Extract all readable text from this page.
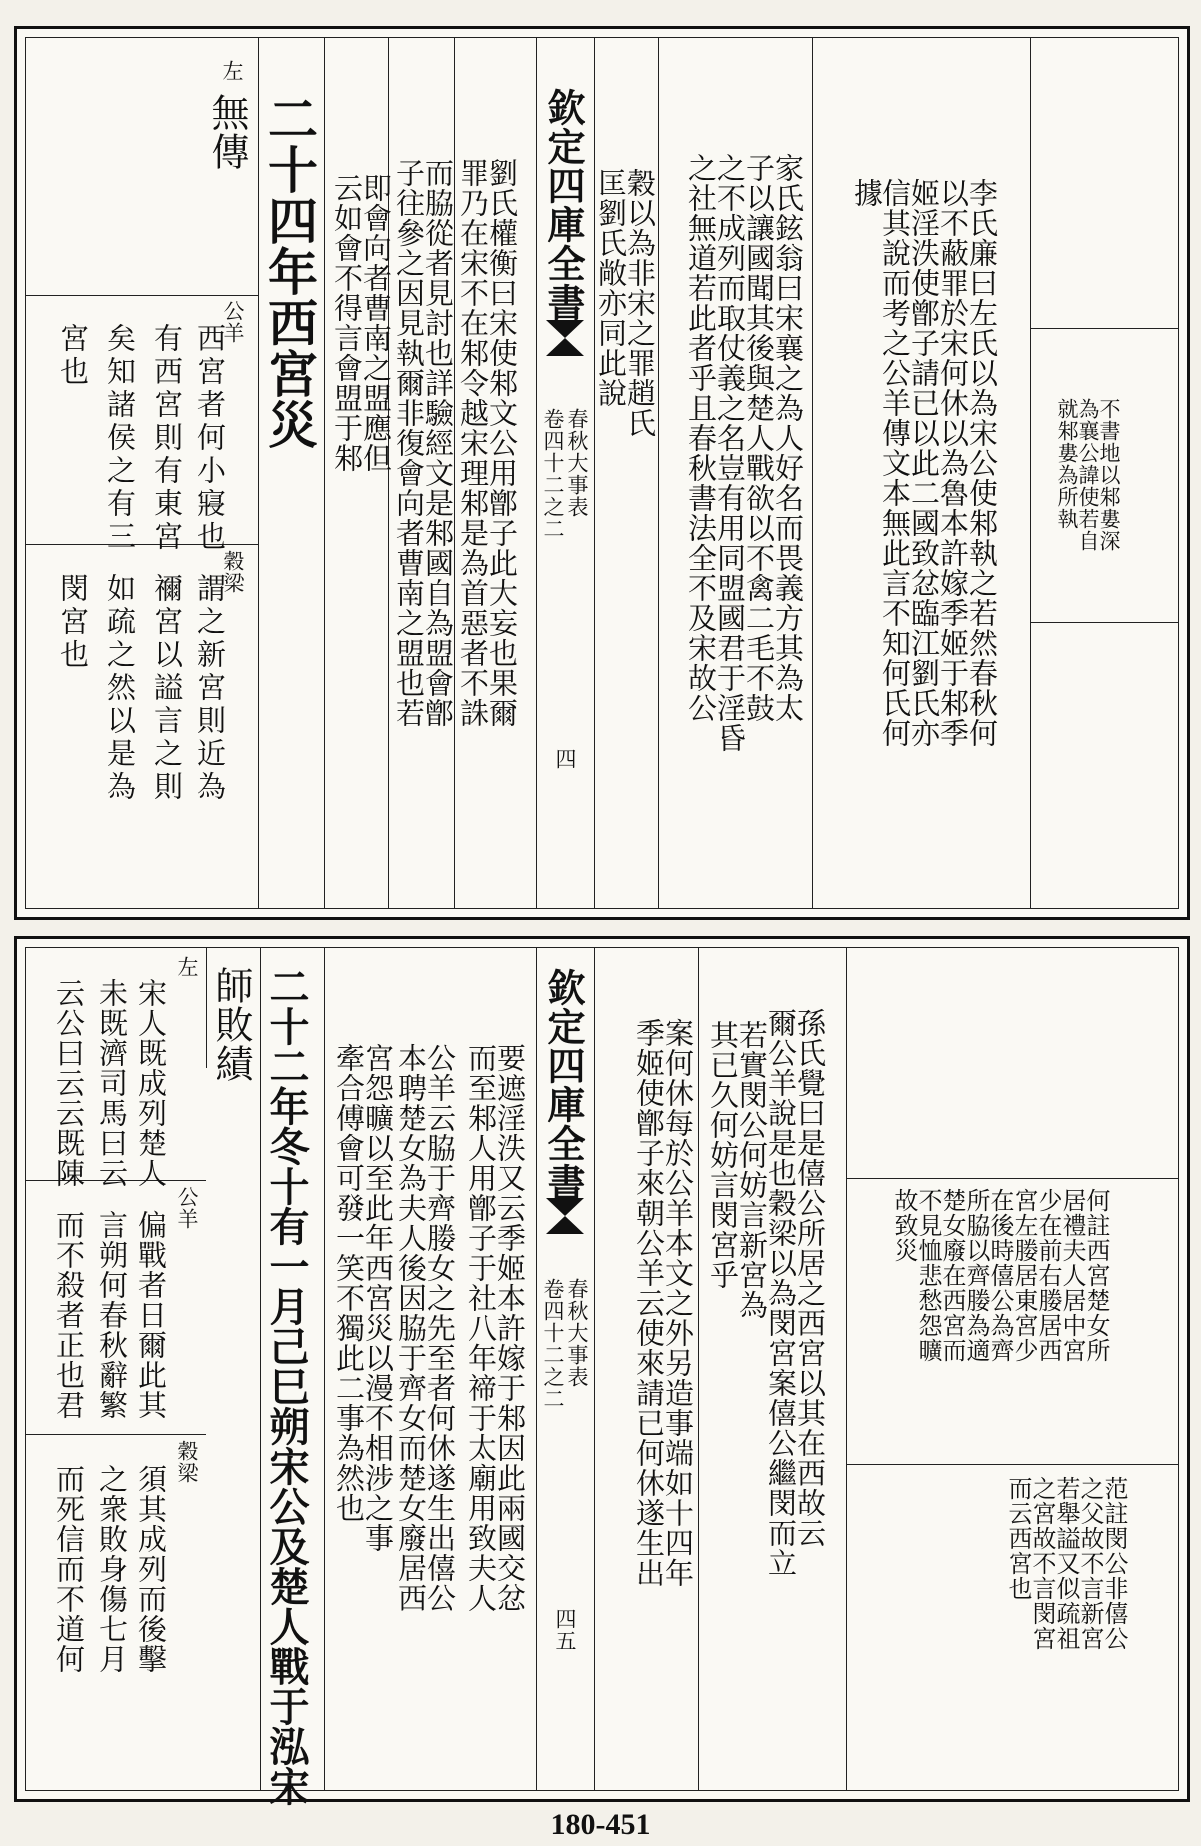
不書地以邾婁深
為襄公諱使若自
就邾婁為所執
李氏廉曰左氏以為宋公使邾執之若然春秋何
以不蔽罪於宋何休以為魯本許嫁季姬于邾季
姬淫泆使鄫子請已以此二國致忿臨江劉氏亦
信其說而考之公羊傳文本無此言不知何氏何
據
家氏鉉翁曰宋襄之為人好名而畏義方其為太
子以讓國聞其後與楚人戰欲以不禽二毛不鼓
之不成列而取仗義之名豈有用同盟國君于淫昏
之社無道若此者乎且春秋書法全不及宋故公
穀以為非宋之罪趙氏
匡劉氏敞亦同此說
欽定四庫全書
春秋大事表
卷四十二之二
四
劉氏權衡曰宋使邾文公用鄫子此大妄也果爾
罪乃在宋不在邾令越宋理邾是為首惡者不誅
而脇從者見討也詳驗經文是邾國自為盟會鄫
子往參之因見執爾非復會向者曹南之盟也若
即會向者曹南之盟應但
云如會不得言會盟于邾
二十四年西宮災
左
無傳
公羊
西宮者何小寢也
有西宮則有東宮
矣知諸侯之有三
宮也
穀梁
謂之新宮則近為
禰宮以謚言之則
如疏之然以是為
閔宮也
何註西宮楚女所
居禮夫人居中宮
少在前右媵居西
宮左媵居東宮少
在後時僖公為齊
所脇以齊媵為適
楚女廢在西宮而
不見恤悲愁怨曠
故致災
范註閔公非僖公
之父故不言新宮
若舉謚又似疏祖
之宮故不言閔宮
而云西宮也
孫氏覺曰是僖公所居之西宮以其在西故云
爾公羊說是也穀梁以為閔宮案僖公繼閔而立
若實閔公何妨言新宮為
其已久何妨言閔宮乎
案何休每於公羊本文之外另造事端如十四年
季姬使鄫子來朝公羊云使來請已何休遂生出
欽定四庫全書
春秋大事表
卷四十二之二
四五
要遮淫泆又云季姬本許嫁于邾因此兩國交忿
而至邾人用鄫子于社八年禘于太廟用致夫人
公羊云脇于齊媵女之先至者何休遂生出僖公
本聘楚女為夫人後因脇于齊女而楚女廢居西
宮怨曠以至此年西宮災以漫不相涉之事
牽合傅會可發一笑不獨此二事為然也
二十二年冬十有一月己巳朔宋公及楚人戰于泓宋
師敗績
左
宋人既成列楚人
未既濟司馬曰云
云公曰云云既陳
公羊
偏戰者日爾此其
言朔何春秋辭繁
而不殺者正也君
穀梁
須其成列而後擊
之衆敗身傷七月
而死信而不道何
180-451
